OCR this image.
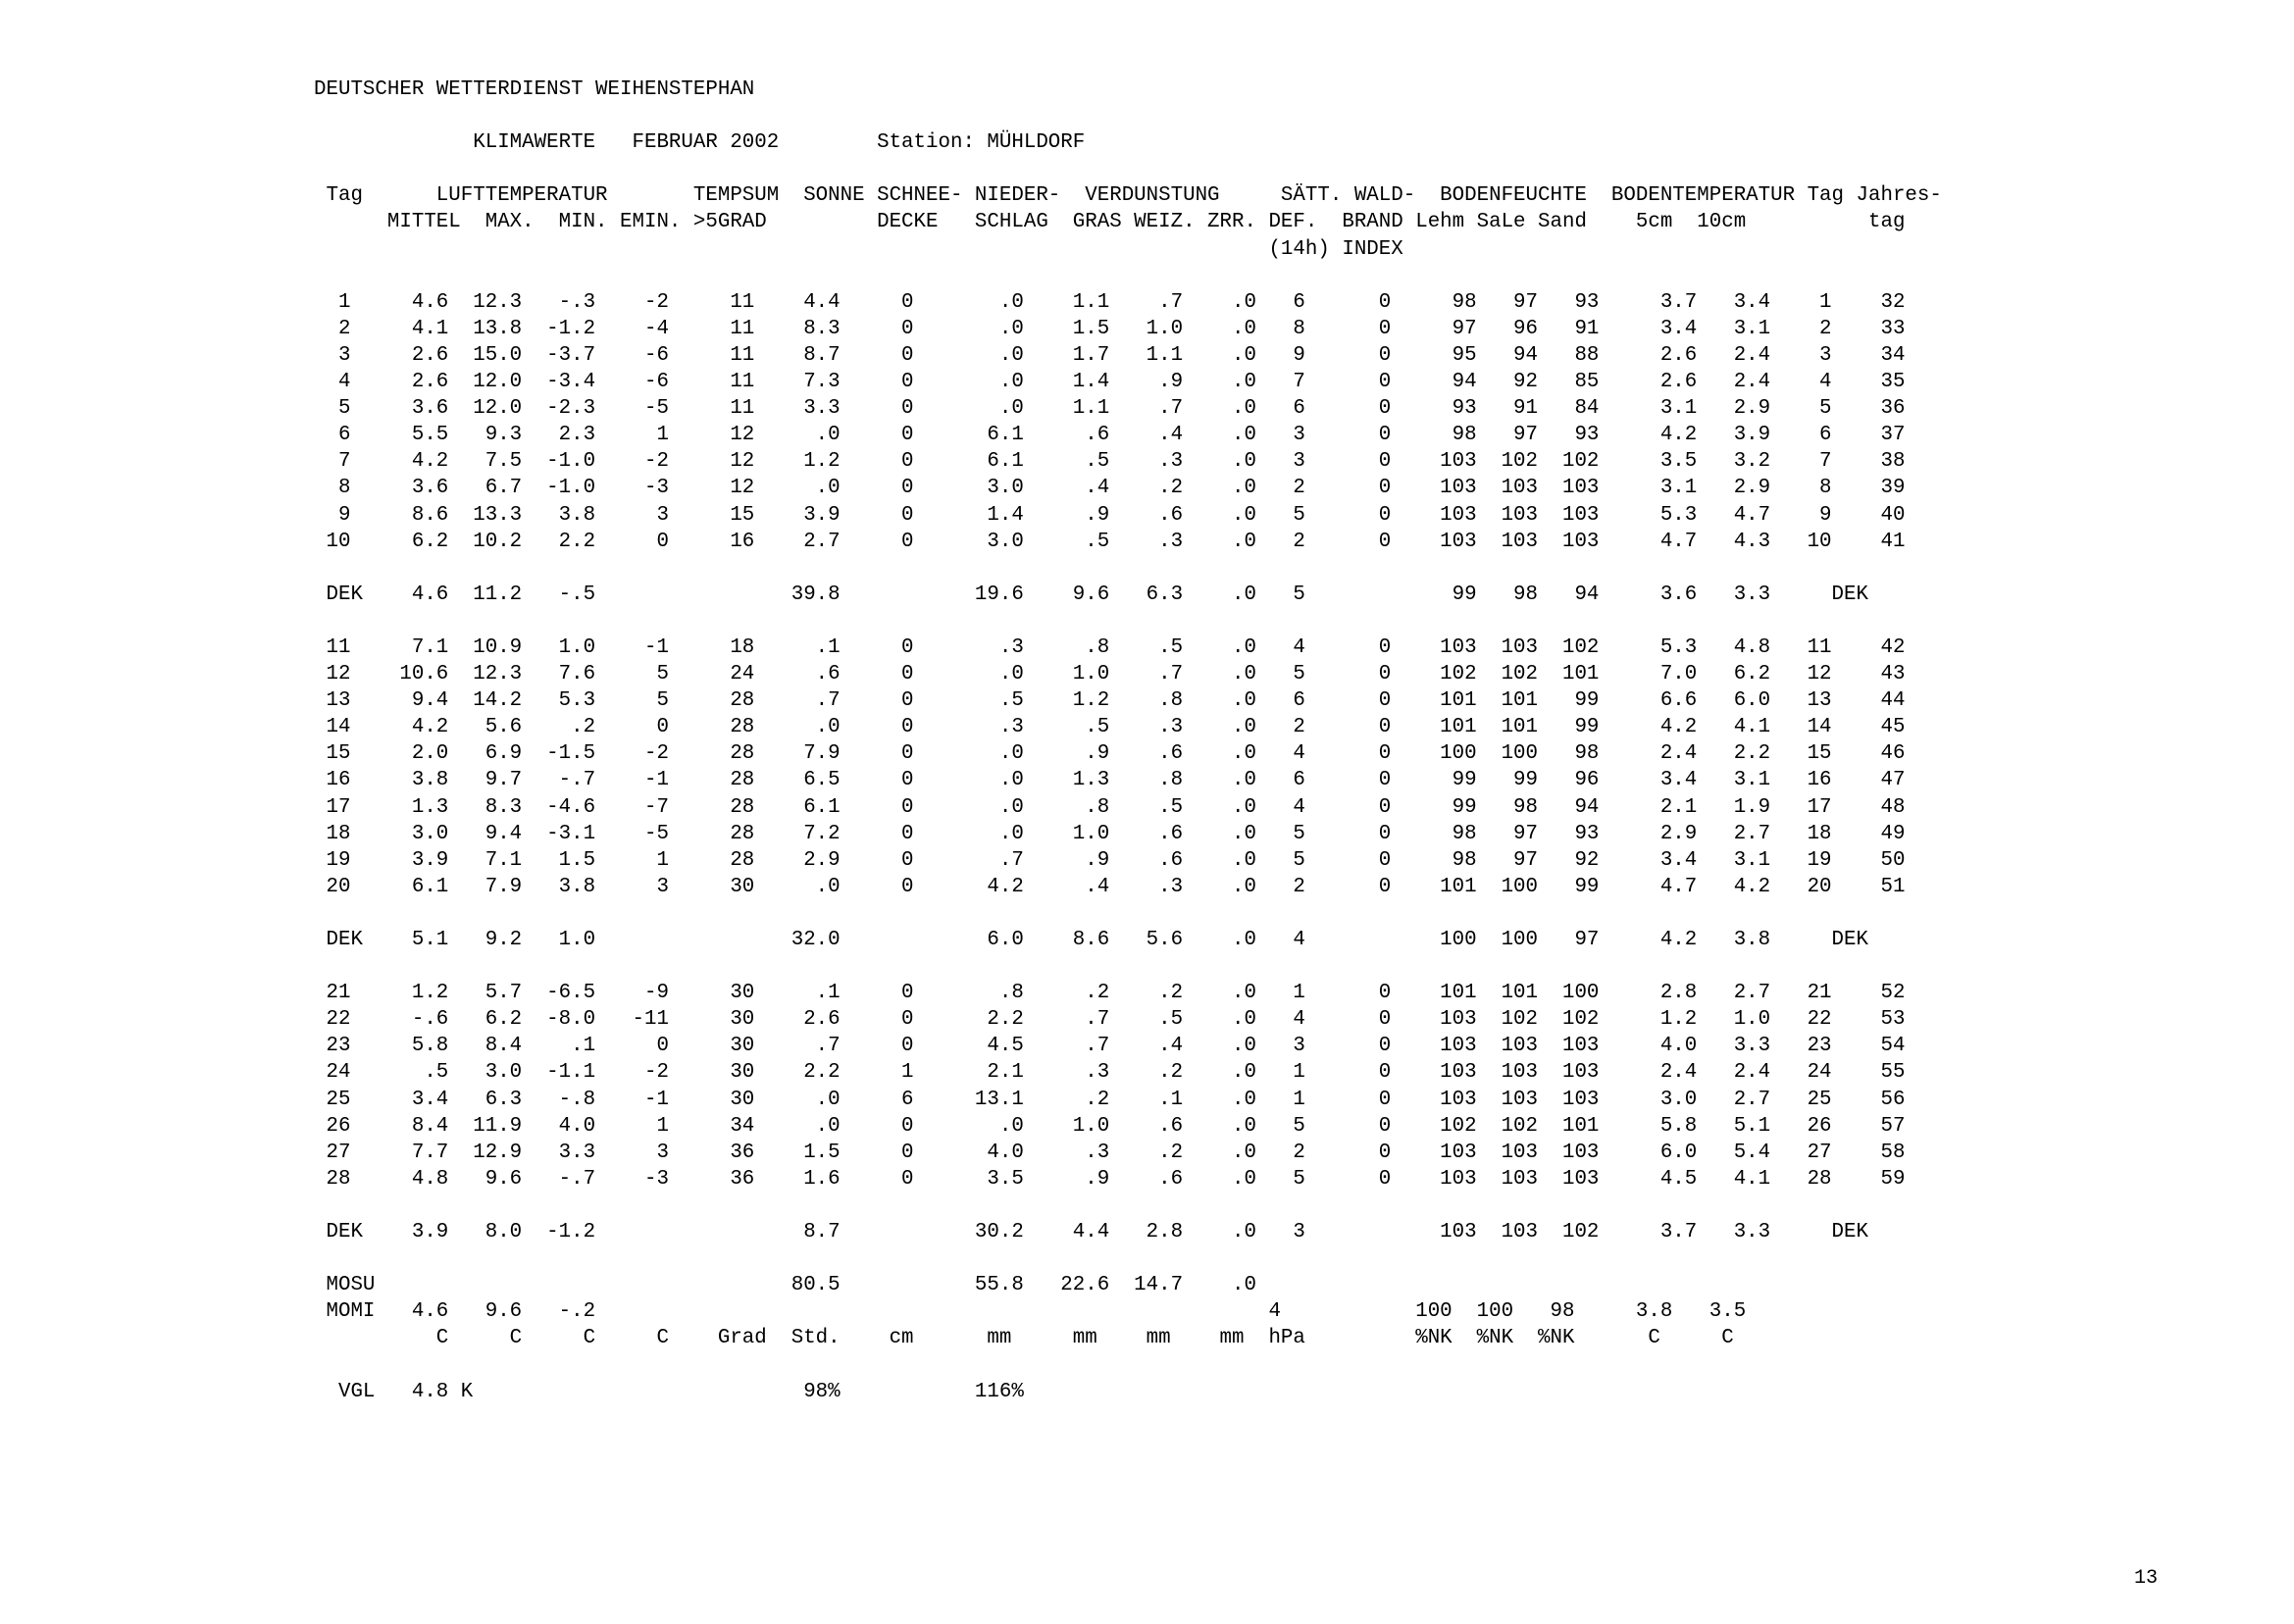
DEUTSCHER WETTERDIENST WEIHENSTEPHAN

KLIMAWERTE   FEBRUAR 2002        Station: MÜHLDORF

Tag      LUFTTEMPERATUR       TEMPSUM  SONNE SCHNEE- NIEDER-  VERDUNSTUNG     SÄTT. WALD-  BODENFEUCHTE  BODENTEMPERATUR Tag Jahres-
MITTEL  MAX.  MIN. EMIN. >5GRAD         DECKE   SCHLAG  GRAS WEIZ. ZRR. DEF.  BRAND Lehm SaLe Sand    5cm  10cm          tag
(14h) INDEX

1     4.6  12.3   -.3    -2     11    4.4     0       .0    1.1    .7    .0   6      0     98   97   93     3.7   3.4    1    32
2     4.1  13.8  -1.2    -4     11    8.3     0       .0    1.5   1.0    .0   8      0     97   96   91     3.4   3.1    2    33
3     2.6  15.0  -3.7    -6     11    8.7     0       .0    1.7   1.1    .0   9      0     95   94   88     2.6   2.4    3    34
4     2.6  12.0  -3.4    -6     11    7.3     0       .0    1.4    .9    .0   7      0     94   92   85     2.6   2.4    4    35
5     3.6  12.0  -2.3    -5     11    3.3     0       .0    1.1    .7    .0   6      0     93   91   84     3.1   2.9    5    36
6     5.5   9.3   2.3     1     12     .0     0      6.1     .6    .4    .0   3      0     98   97   93     4.2   3.9    6    37
7     4.2   7.5  -1.0    -2     12    1.2     0      6.1     .5    .3    .0   3      0    103  102  102     3.5   3.2    7    38
8     3.6   6.7  -1.0    -3     12     .0     0      3.0     .4    .2    .0   2      0    103  103  103     3.1   2.9    8    39
9     8.6  13.3   3.8     3     15    3.9     0      1.4     .9    .6    .0   5      0    103  103  103     5.3   4.7    9    40
10     6.2  10.2   2.2     0     16    2.7     0      3.0     .5    .3    .0   2      0    103  103  103     4.7   4.3   10    41

DEK    4.6  11.2   -.5                39.8           19.6    9.6   6.3    .0   5            99   98   94     3.6   3.3     DEK

11     7.1  10.9   1.0    -1     18     .1     0       .3     .8    .5    .0   4      0    103  103  102     5.3   4.8   11    42
12    10.6  12.3   7.6     5     24     .6     0       .0    1.0    .7    .0   5      0    102  102  101     7.0   6.2   12    43
13     9.4  14.2   5.3     5     28     .7     0       .5    1.2    .8    .0   6      0    101  101   99     6.6   6.0   13    44
14     4.2   5.6    .2     0     28     .0     0       .3     .5    .3    .0   2      0    101  101   99     4.2   4.1   14    45
15     2.0   6.9  -1.5    -2     28    7.9     0       .0     .9    .6    .0   4      0    100  100   98     2.4   2.2   15    46
16     3.8   9.7   -.7    -1     28    6.5     0       .0    1.3    .8    .0   6      0     99   99   96     3.4   3.1   16    47
17     1.3   8.3  -4.6    -7     28    6.1     0       .0     .8    .5    .0   4      0     99   98   94     2.1   1.9   17    48
18     3.0   9.4  -3.1    -5     28    7.2     0       .0    1.0    .6    .0   5      0     98   97   93     2.9   2.7   18    49
19     3.9   7.1   1.5     1     28    2.9     0       .7     .9    .6    .0   5      0     98   97   92     3.4   3.1   19    50
20     6.1   7.9   3.8     3     30     .0     0      4.2     .4    .3    .0   2      0    101  100   99     4.7   4.2   20    51

DEK    5.1   9.2   1.0                32.0            6.0    8.6   5.6    .0   4           100  100   97     4.2   3.8     DEK

21     1.2   5.7  -6.5    -9     30     .1     0       .8     .2    .2    .0   1      0    101  101  100     2.8   2.7   21    52
22     -.6   6.2  -8.0   -11     30    2.6     0      2.2     .7    .5    .0   4      0    103  102  102     1.2   1.0   22    53
23     5.8   8.4    .1     0     30     .7     0      4.5     .7    .4    .0   3      0    103  103  103     4.0   3.3   23    54
24      .5   3.0  -1.1    -2     30    2.2     1      2.1     .3    .2    .0   1      0    103  103  103     2.4   2.4   24    55
25     3.4   6.3   -.8    -1     30     .0     6     13.1     .2    .1    .0   1      0    103  103  103     3.0   2.7   25    56
26     8.4  11.9   4.0     1     34     .0     0       .0    1.0    .6    .0   5      0    102  102  101     5.8   5.1   26    57
27     7.7  12.9   3.3     3     36    1.5     0      4.0     .3    .2    .0   2      0    103  103  103     6.0   5.4   27    58
28     4.8   9.6   -.7    -3     36    1.6     0      3.5     .9    .6    .0   5      0    103  103  103     4.5   4.1   28    59

DEK    3.9   8.0  -1.2                 8.7           30.2    4.4   2.8    .0   3           103  103  102     3.7   3.3     DEK

MOSU                                  80.5           55.8   22.6  14.7    .0
MOMI   4.6   9.6   -.2                                                       4           100  100   98     3.8   3.5
C     C     C     C    Grad  Std.    cm      mm     mm    mm    mm  hPa         %NK  %NK  %NK      C     C

VGL   4.8 K                           98%           116%

13
